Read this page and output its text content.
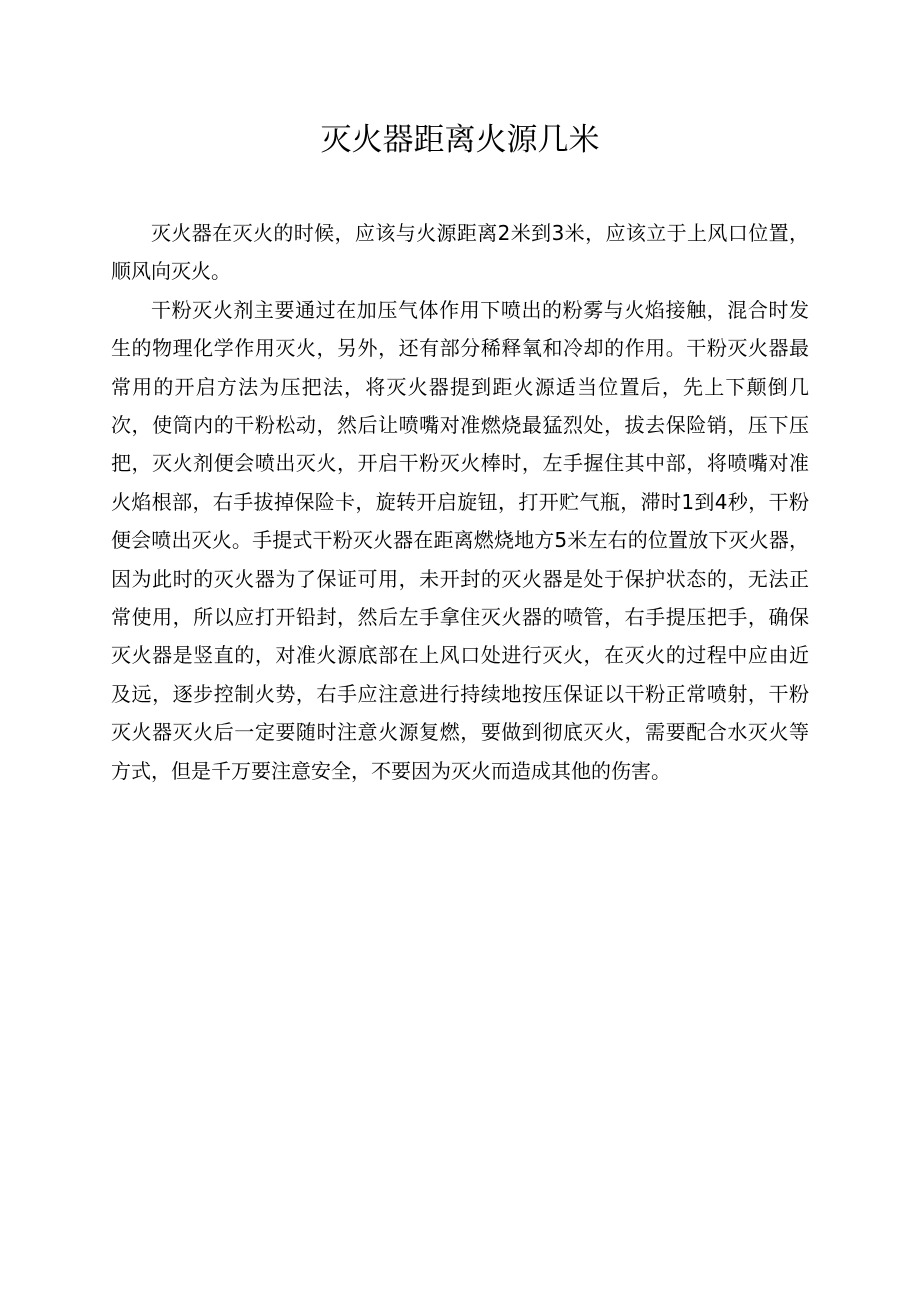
灭火器距离火源几米

灭火器在灭火的时候，应该与火源距离2米到3米，应该立于上风口位置，顺风向灭火。

干粉灭火剂主要通过在加压气体作用下喷出的粉雾与火焰接触，混合时发生的物理化学作用灭火，另外，还有部分稀释氧和冷却的作用。干粉灭火器最常用的开启方法为压把法，将灭火器提到距火源适当位置后，先上下颠倒几次，使筒内的干粉松动，然后让喷嘴对准燃烧最猛烈处，拔去保险销，压下压把，灭火剂便会喷出灭火，开启干粉灭火棒时，左手握住其中部，将喷嘴对准火焰根部，右手拔掉保险卡，旋转开启旋钮，打开贮气瓶，滞时1到4秒，干粉便会喷出灭火。手提式干粉灭火器在距离燃烧地方5米左右的位置放下灭火器，因为此时的灭火器为了保证可用，未开封的灭火器是处于保护状态的，无法正常使用，所以应打开铅封，然后左手拿住灭火器的喷管，右手提压把手，确保灭火器是竖直的，对准火源底部在上风口处进行灭火，在灭火的过程中应由近及远，逐步控制火势，右手应注意进行持续地按压保证以干粉正常喷射，干粉灭火器灭火后一定要随时注意火源复燃，要做到彻底灭火，需要配合水灭火等方式，但是千万要注意安全，不要因为灭火而造成其他的伤害。
